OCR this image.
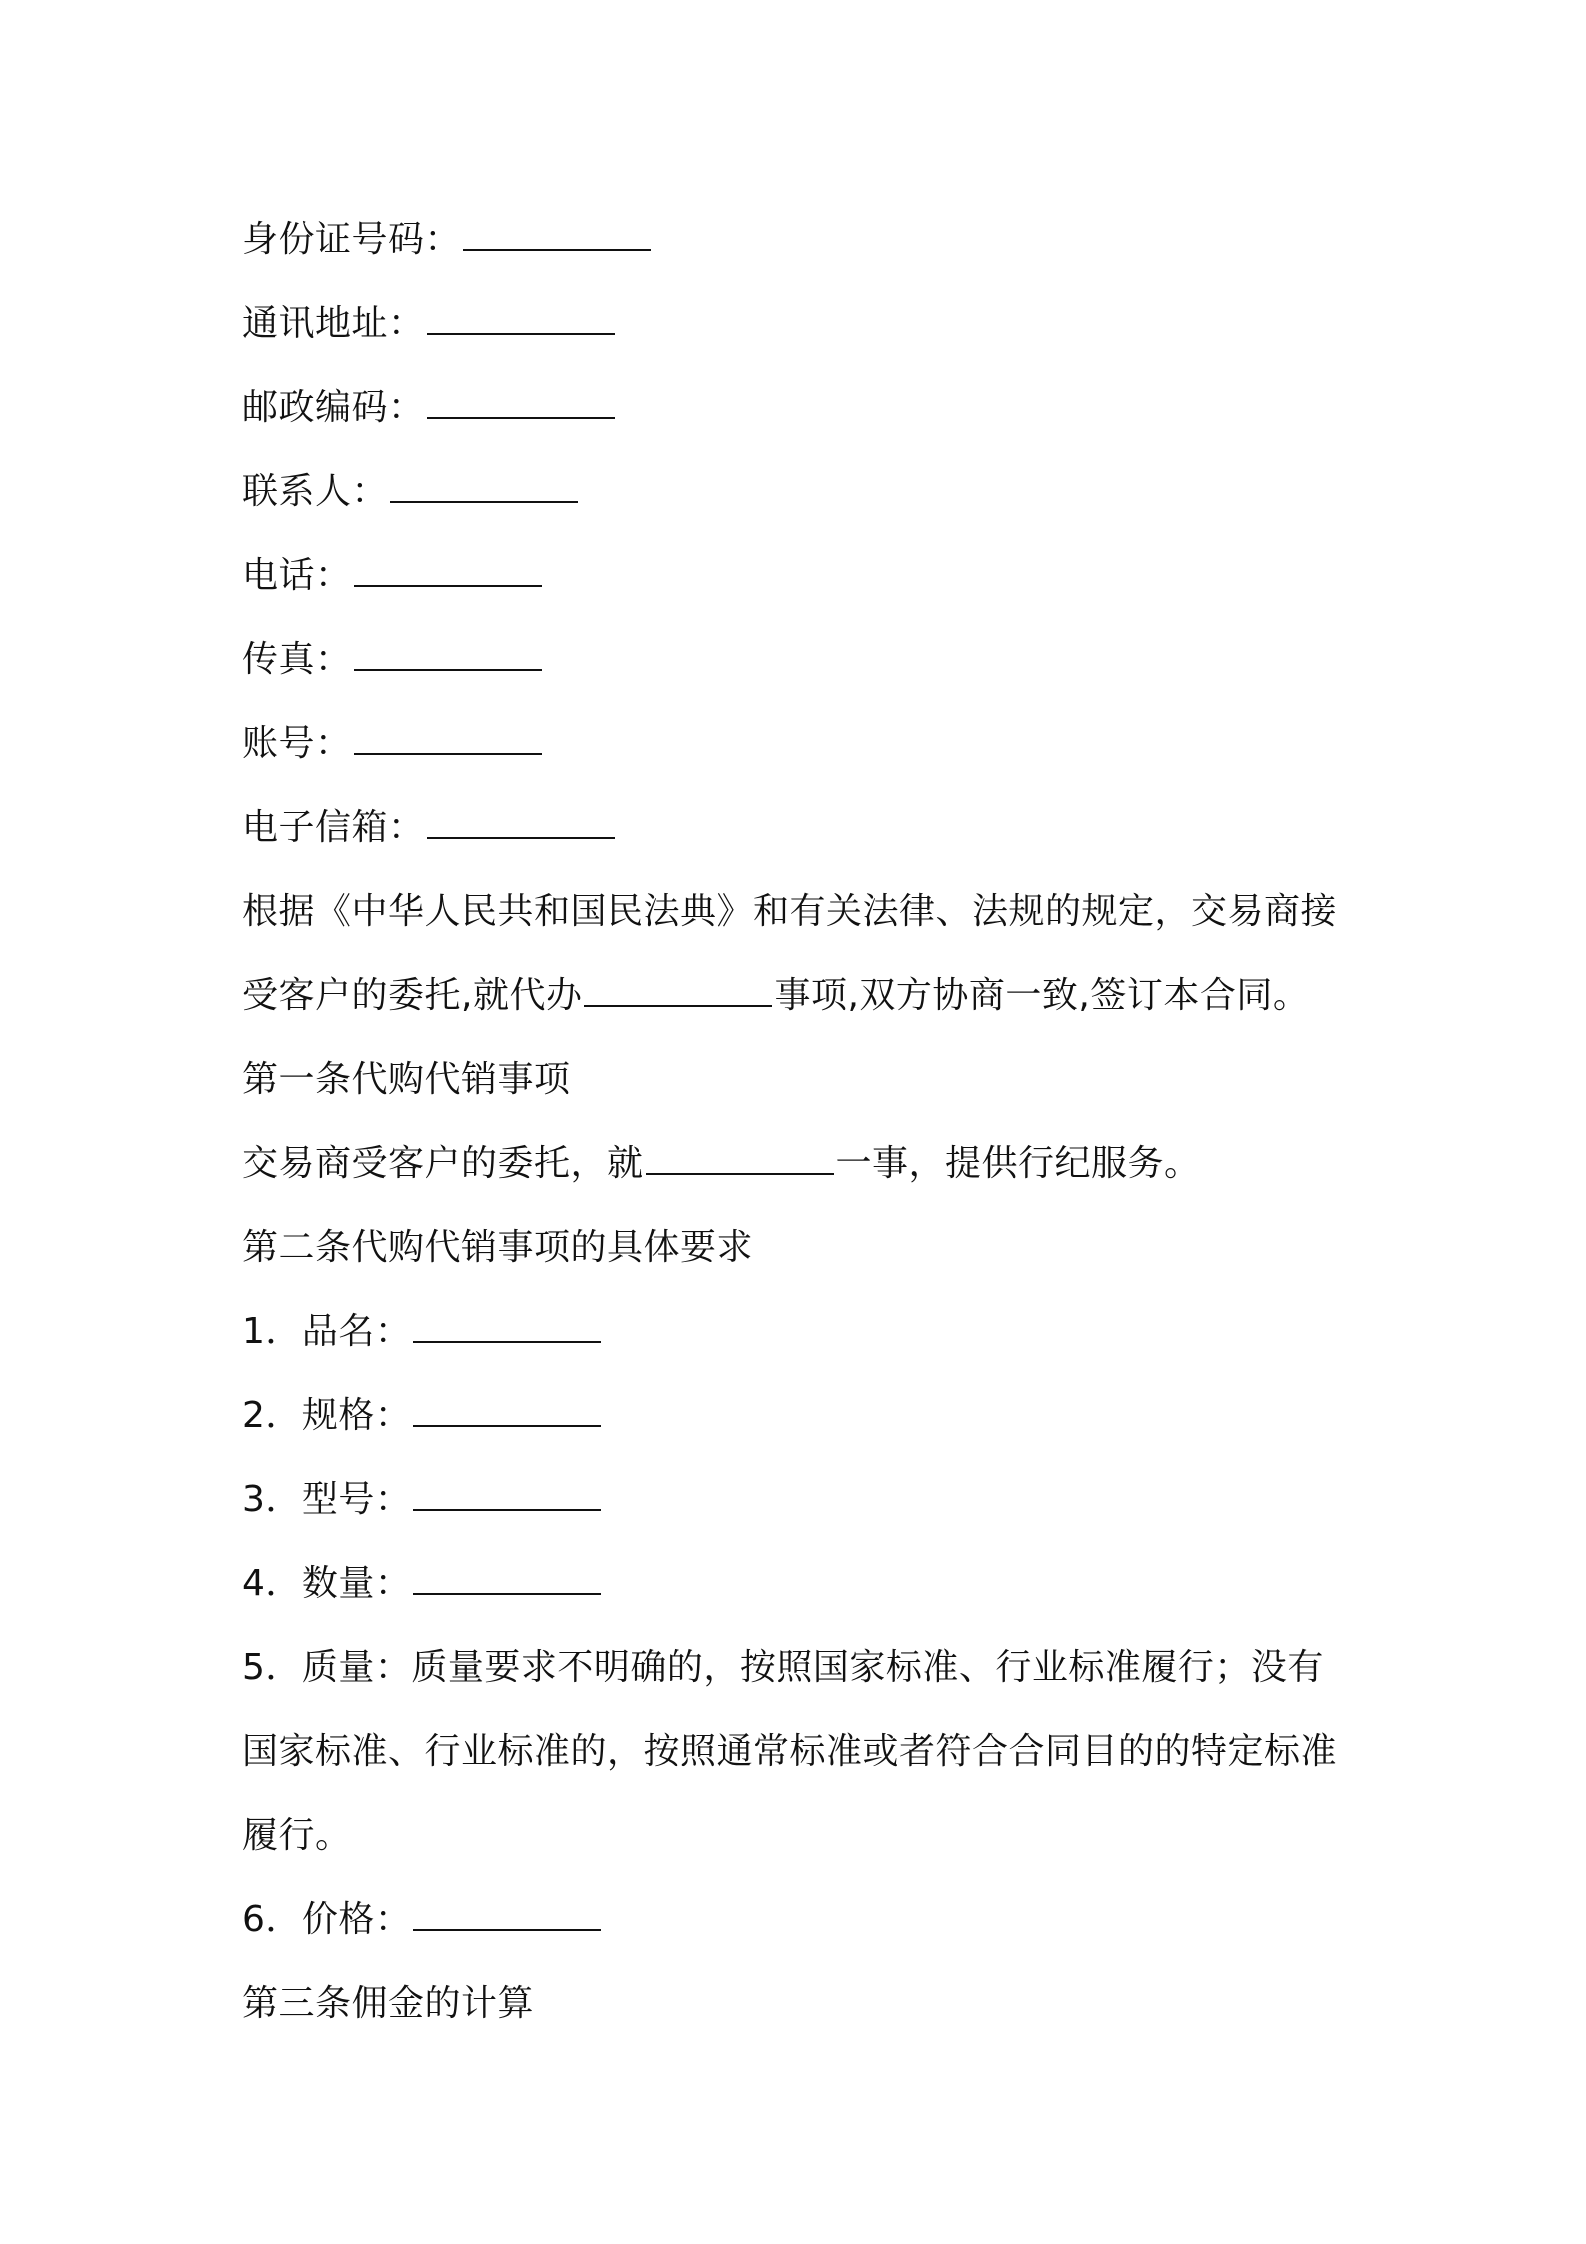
身份证号码：
通讯地址：
邮政编码：
联系人：
电话：
传真：
账号：
电子信箱：
根据《中华人民共和国民法典》和有关法律、法规的规定，交易商接
受客户的委托,就代办	事项,双方协商一致,签订本合同。
第一条代购代销事项
交易商受客户的委托，就	一事，提供行纪服务。
第二条代购代销事项的具体要求
1．品名：
2．规格：
3．型号：
4．数量：
5．质量：质量要求不明确的，按照国家标准、行业标准履行；没有
国家标准、行业标准的，按照通常标准或者符合合同目的的特定标准
履行。
6．价格：
第三条佣金的计算
